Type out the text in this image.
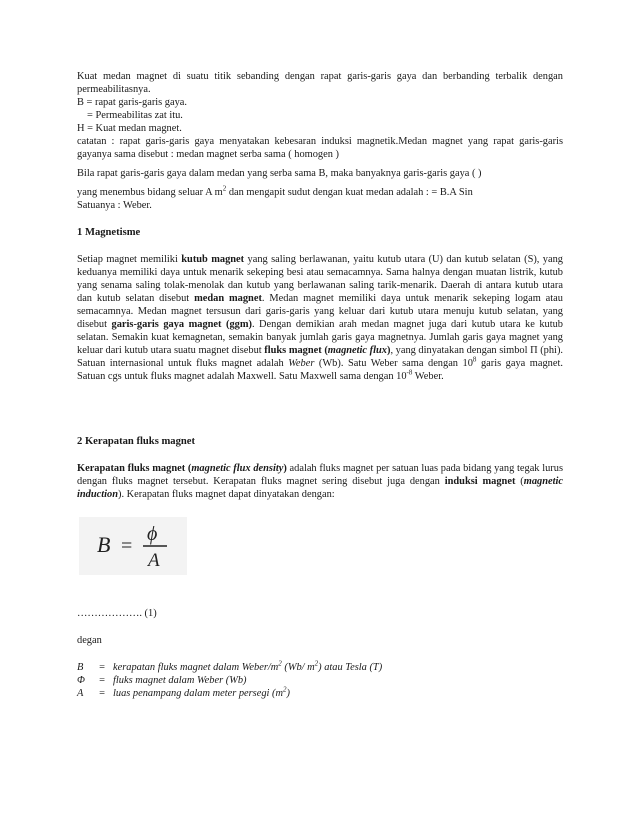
Kuat medan magnet di suatu titik sebanding dengan rapat garis-garis gaya dan berbanding terbalik dengan permeabilitasnya.
B = rapat garis-garis gaya.
= Permeabilitas zat itu.
H = Kuat medan magnet.
catatan : rapat garis-garis gaya menyatakan kebesaran induksi magnetik.Medan magnet yang rapat garis-garis gayanya sama disebut : medan magnet serba sama ( homogen )
Bila rapat garis-garis gaya dalam medan yang serba sama B, maka banyaknya garis-garis gaya ( )
yang menembus bidang seluar A $m^2$ dan mengapit sudut dengan kuat medan adalah : = B.A Sin
Satuanya : Weber.
1 Magnetisme
Setiap magnet memiliki kutub magnet yang saling berlawanan, yaitu kutub utara (U) dan kutub selatan (S), yang keduanya memiliki daya untuk menarik sekeping besi atau semacamnya. Sama halnya dengan muatan listrik, kutub yang senama saling tolak-menolak dan kutub yang berlawanan saling tarik-menarik. Daerah di antara kutub utara dan kutub selatan disebut medan magnet. Medan magnet memiliki daya untuk menarik sekeping logam atau semacamnya. Medan magnet tersusun dari garis-garis yang keluar dari kutub utara menuju kutub selatan, yang disebut garis-garis gaya magnet (ggm). Dengan demikian arah medan magnet juga dari kutub utara ke kutub selatan. Semakin kuat kemagnetan, semakin banyak jumlah garis gaya magnetnya. Jumlah garis gaya magnet yang keluar dari kutub utara suatu magnet disebut fluks magnet (magnetic flux), yang dinyatakan dengan simbol Π (phi). Satuan internasional untuk fluks magnet adalah Weber (Wb). Satu Weber sama dengan $10^8$ garis gaya magnet. Satuan cgs untuk fluks magnet adalah Maxwell. Satu Maxwell sama dengan $10^{-8}$ Weber.
2 Kerapatan fluks magnet
Kerapatan fluks magnet (magnetic flux density) adalah fluks magnet per satuan luas pada bidang yang tegak lurus dengan fluks magnet tersebut. Kerapatan fluks magnet sering disebut juga dengan induksi magnet (magnetic induction). Kerapatan fluks magnet dapat dinyatakan dengan:
B =
ϕ
A
………………. (1)
degan
B	= kerapatan fluks magnet dalam Weber/$m^2$ (Wb/ $m^2$) atau Tesla (T)
Φ	= fluks magnet dalam Weber (Wb)
A	= luas penampang dalam meter persegi $(m^2)$
